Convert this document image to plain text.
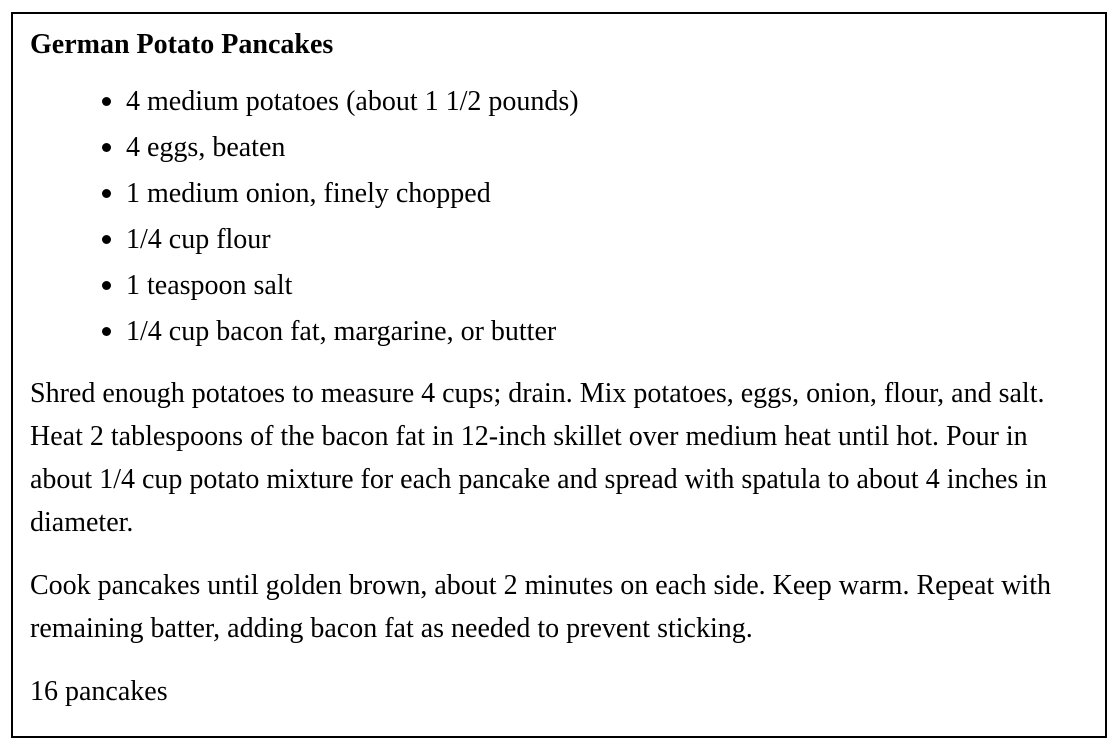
German Potato Pancakes
• 4 medium potatoes (about 1 1/2 pounds)
• 4 eggs, beaten
• 1 medium onion, finely chopped
• 1/4 cup flour
• 1 teaspoon salt
• 1/4 cup bacon fat, margarine, or butter

Shred enough potatoes to measure 4 cups; drain. Mix potatoes, eggs, onion, flour, and salt. Heat 2 tablespoons of the bacon fat in 12-inch skillet over medium heat until hot. Pour in about 1/4 cup potato mixture for each pancake and spread with spatula to about 4 inches in diameter.

Cook pancakes until golden brown, about 2 minutes on each side. Keep warm. Repeat with remaining batter, adding bacon fat as needed to prevent sticking.

16 pancakes
